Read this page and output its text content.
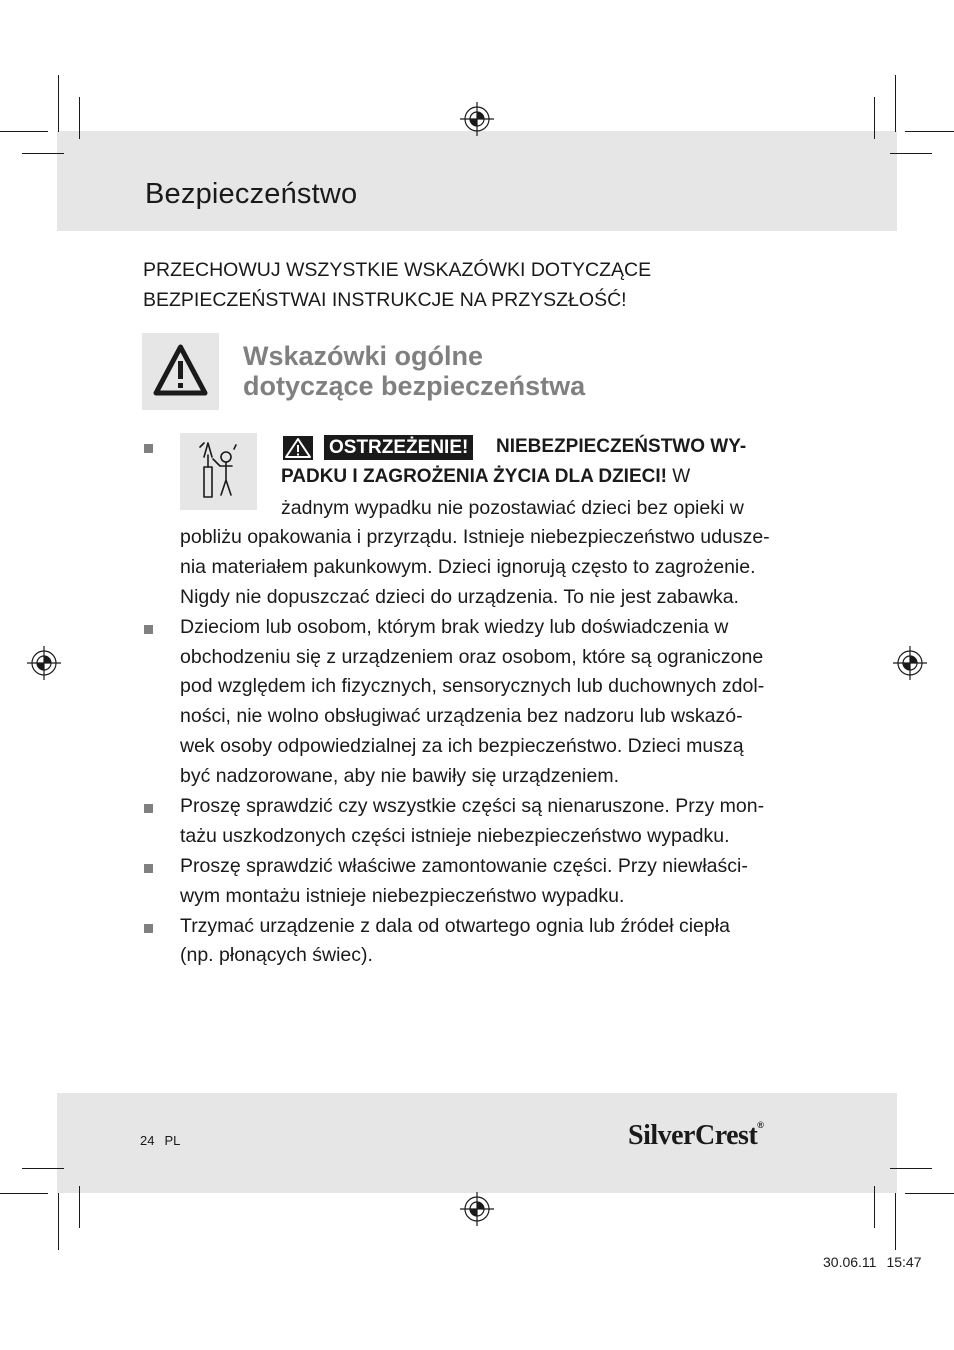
Bezpieczeństwo
PRZECHOWUJ WSZYSTKIE WSKAZÓWKI DOTYCZĄCE
BEZPIECZEŃSTWAI INSTRUKCJE NA PRZYSZŁOŚĆ!
Wskazówki ogólne
dotyczące bezpieczeństwa
OSTRZEŻENIE! NIEBEZPIECZEŃSTWO WY-
PADKU I ZAGROŻENIA ŻYCIA DLA DZIECI! W
żadnym wypadku nie pozostawiać dzieci bez opieki w
pobliżu opakowania i przyrządu. Istnieje niebezpieczeństwo udusze-
nia materiałem pakunkowym. Dzieci ignorują często to zagrożenie.
Nigdy nie dopuszczać dzieci do urządzenia. To nie jest zabawka.
Dzieciom lub osobom, którym brak wiedzy lub doświadczenia w
obchodzeniu się z urządzeniem oraz osobom, które są ograniczone
pod względem ich fizycznych, sensorycznych lub duchownych zdol-
ności, nie wolno obsługiwać urządzenia bez nadzoru lub wskazó-
wek osoby odpowiedzialnej za ich bezpieczeństwo. Dzieci muszą
być nadzorowane, aby nie bawiły się urządzeniem.
Proszę sprawdzić czy wszystkie części są nienaruszone. Przy mon-
tażu uszkodzonych części istnieje niebezpieczeństwo wypadku.
Proszę sprawdzić właściwe zamontowanie części. Przy niewłaści-
wym montażu istnieje niebezpieczeństwo wypadku.
Trzymać urządzenie z dala od otwartego ognia lub źródeł ciepła
(np. płonących świec).
24 PL	SilverCrest®
30.06.11 15:47
